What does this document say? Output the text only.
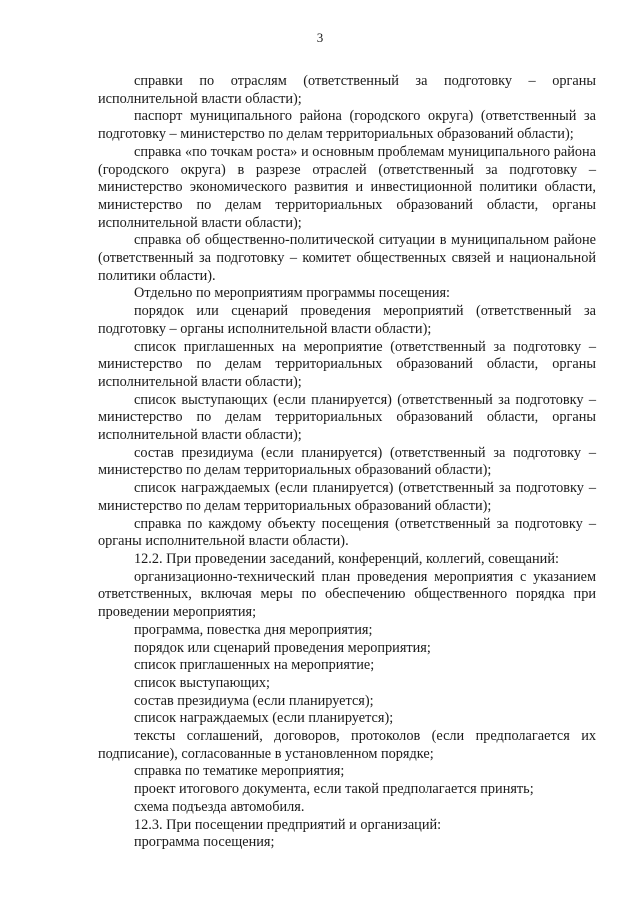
3

справки по отраслям (ответственный за подготовку – органы исполнительной власти области);

паспорт муниципального района (городского округа) (ответственный за подготовку – министерство по делам территориальных образований области);

справка «по точкам роста» и основным проблемам муниципального района (городского округа) в разрезе отраслей (ответственный за подготовку – министерство экономического развития и инвестиционной политики области, министерство по делам территориальных образований области, органы исполнительной власти области);

справка об общественно-политической ситуации в муниципальном районе (ответственный за подготовку – комитет общественных связей и национальной политики области).

Отдельно по мероприятиям программы посещения:

порядок или сценарий проведения мероприятий (ответственный за подготовку – органы исполнительной власти области);

список приглашенных на мероприятие (ответственный за подготовку – министерство по делам территориальных образований области, органы исполнительной власти области);

список выступающих (если планируется) (ответственный за подготовку – министерство по делам территориальных образований области, органы исполнительной власти области);

состав президиума (если планируется) (ответственный за подготовку – министерство по делам территориальных образований области);

список награждаемых (если планируется) (ответственный за подготовку – министерство по делам территориальных образований области);

справка по каждому объекту посещения (ответственный за подготовку – органы исполнительной власти области).

12.2. При проведении заседаний, конференций, коллегий, совещаний:

организационно-технический план проведения мероприятия с указанием ответственных, включая меры по обеспечению общественного порядка при проведении мероприятия;

программа, повестка дня мероприятия;

порядок или сценарий проведения мероприятия;

список приглашенных на мероприятие;

список выступающих;

состав президиума (если планируется);

список награждаемых (если планируется);

тексты соглашений, договоров, протоколов (если предполагается их подписание), согласованные в установленном порядке;

справка по тематике мероприятия;

проект итогового документа, если такой предполагается принять;

схема подъезда автомобиля.

12.3. При посещении предприятий и организаций:

программа посещения;
